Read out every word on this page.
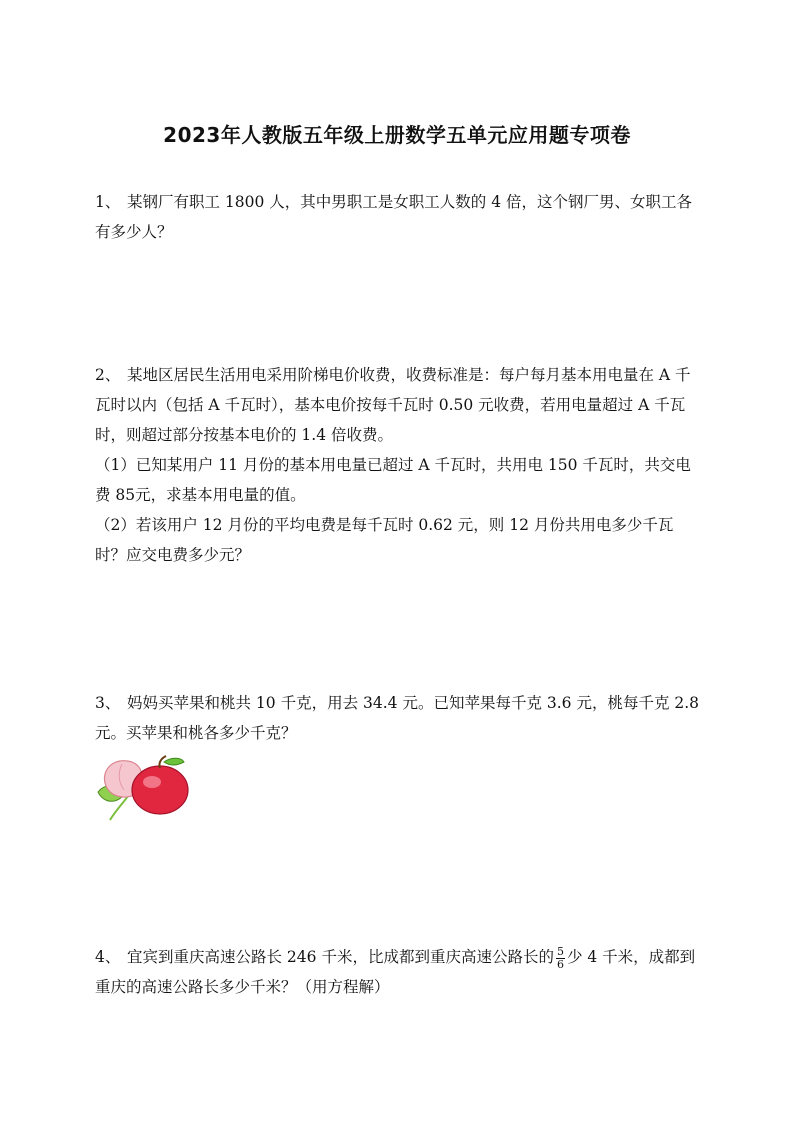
2023年人教版五年级上册数学五单元应用题专项卷

1、 某钢厂有职工 1800 人，其中男职工是女职工人数的 4 倍，这个钢厂男、女职工各有多少人？

2、 某地区居民生活用电采用阶梯电价收费，收费标准是：每户每月基本用电量在 A 千瓦时以内（包括 A 千瓦时），基本电价按每千瓦时 0.50 元收费，若用电量超过 A 千瓦时，则超过部分按基本电价的 1.4 倍收费。

（1）已知某用户 11 月份的基本用电量已超过 A 千瓦时，共用电 150 千瓦时，共交电费 85元，求基本用电量的值。

（2）若该用户 12 月份的平均电费是每千瓦时 0.62 元，则 12 月份共用电多少千瓦时？应交电费多少元？

3、 妈妈买苹果和桃共 10 千克，用去 34.4 元。已知苹果每千克 3.6 元，桃每千克 2.8 元。买苹果和桃各多少千克？

4、 宜宾到重庆高速公路长 246 千米，比成都到重庆高速公路长的 $\frac{5}{6}$ 少 4 千米，成都到重庆的高速公路长多少千米？（用方程解）
